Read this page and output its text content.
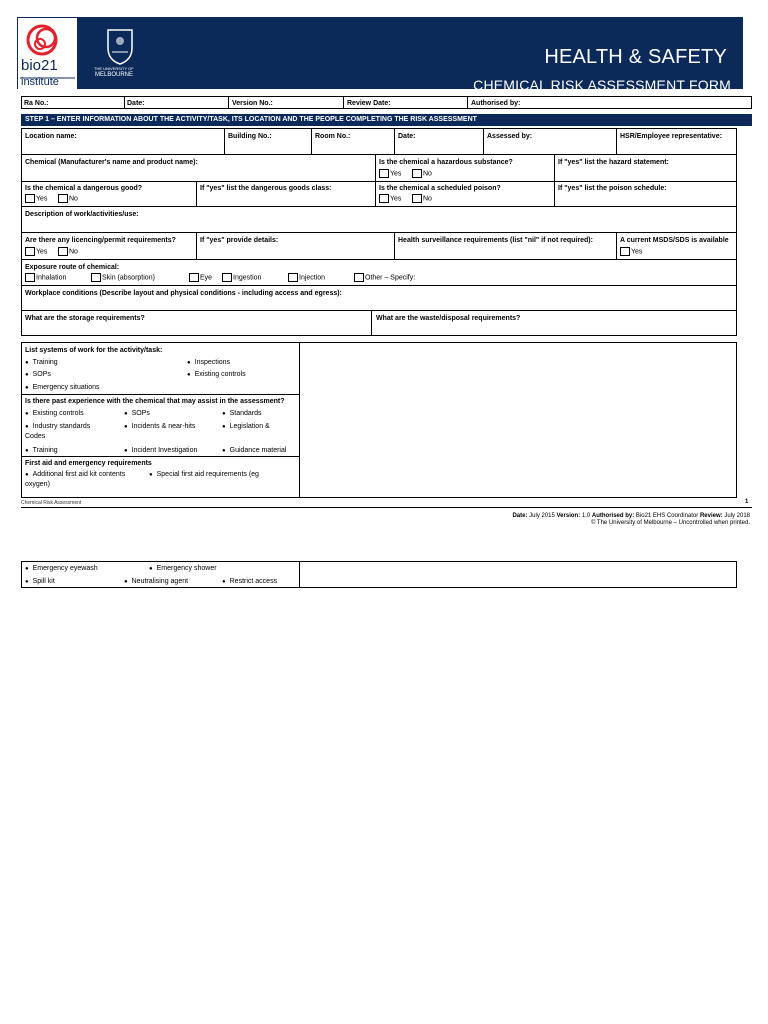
HEALTH & SAFETY
CHEMICAL RISK ASSESSMENT FORM
bio21
institute
THE UNIVERSITY OF
MELBOURNE
Ra No.:	Date:	Version No.:	Review Date:	Authorised by:
STEP 1 – ENTER INFORMATION ABOUT THE ACTIVITY/TASK, ITS LOCATION AND THE PEOPLE COMPLETING THE RISK ASSESSMENT
Location name:	Building No.:	Room No.:	Date:	Assessed by:	HSR/Employee representative:
Chemical (Manufacturer's name and product name):	Is the chemical a hazardous substance?
Yes	No
If "yes" list the hazard statement:
Is the chemical a dangerous good?
Yes	No
If "yes" list the dangerous goods class:	Is the chemical a scheduled poison?
Yes	No
If "yes" list the poison schedule:
Description of work/activities/use:
Are there any licencing/permit requirements?
Yes	No
If "yes" provide details:	Health surveillance requirements (list "nil" if not required):	A current MSDS/SDS is available
Yes
Exposure route of chemical:
Inhalation	Skin (absorption)	Eye	Ingestion	Injection	Other – Specify:
Workplace conditions (Describe layout and physical conditions - including access and egress):
What are the storage requirements?	What are the waste/disposal requirements?
List systems of work for the activity/task:
● Training	● Inspections
● SOPs	● Existing controls
● Emergency situations
Is there past experience with the chemical that may assist in the assessment?
● Existing controls	● SOPs	● Standards
● Industry standards	● Incidents & near-hits	● Legislation &
Codes
● Training	● Incident Investigation	● Guidance material
First aid and emergency requirements
● Additional first aid kit contents	● Special first aid requirements (eg
oxygen)
Chemical Risk Assessment	1
Date: July 2015 Version: 1.0 Authorised by: Bio21 EHS Coordinator Review: July 2018
© The University of Melbourne – Uncontrolled when printed.
● Emergency eyewash	● Emergency shower
● Spill kit	● Neutralising agent	● Restrict access
